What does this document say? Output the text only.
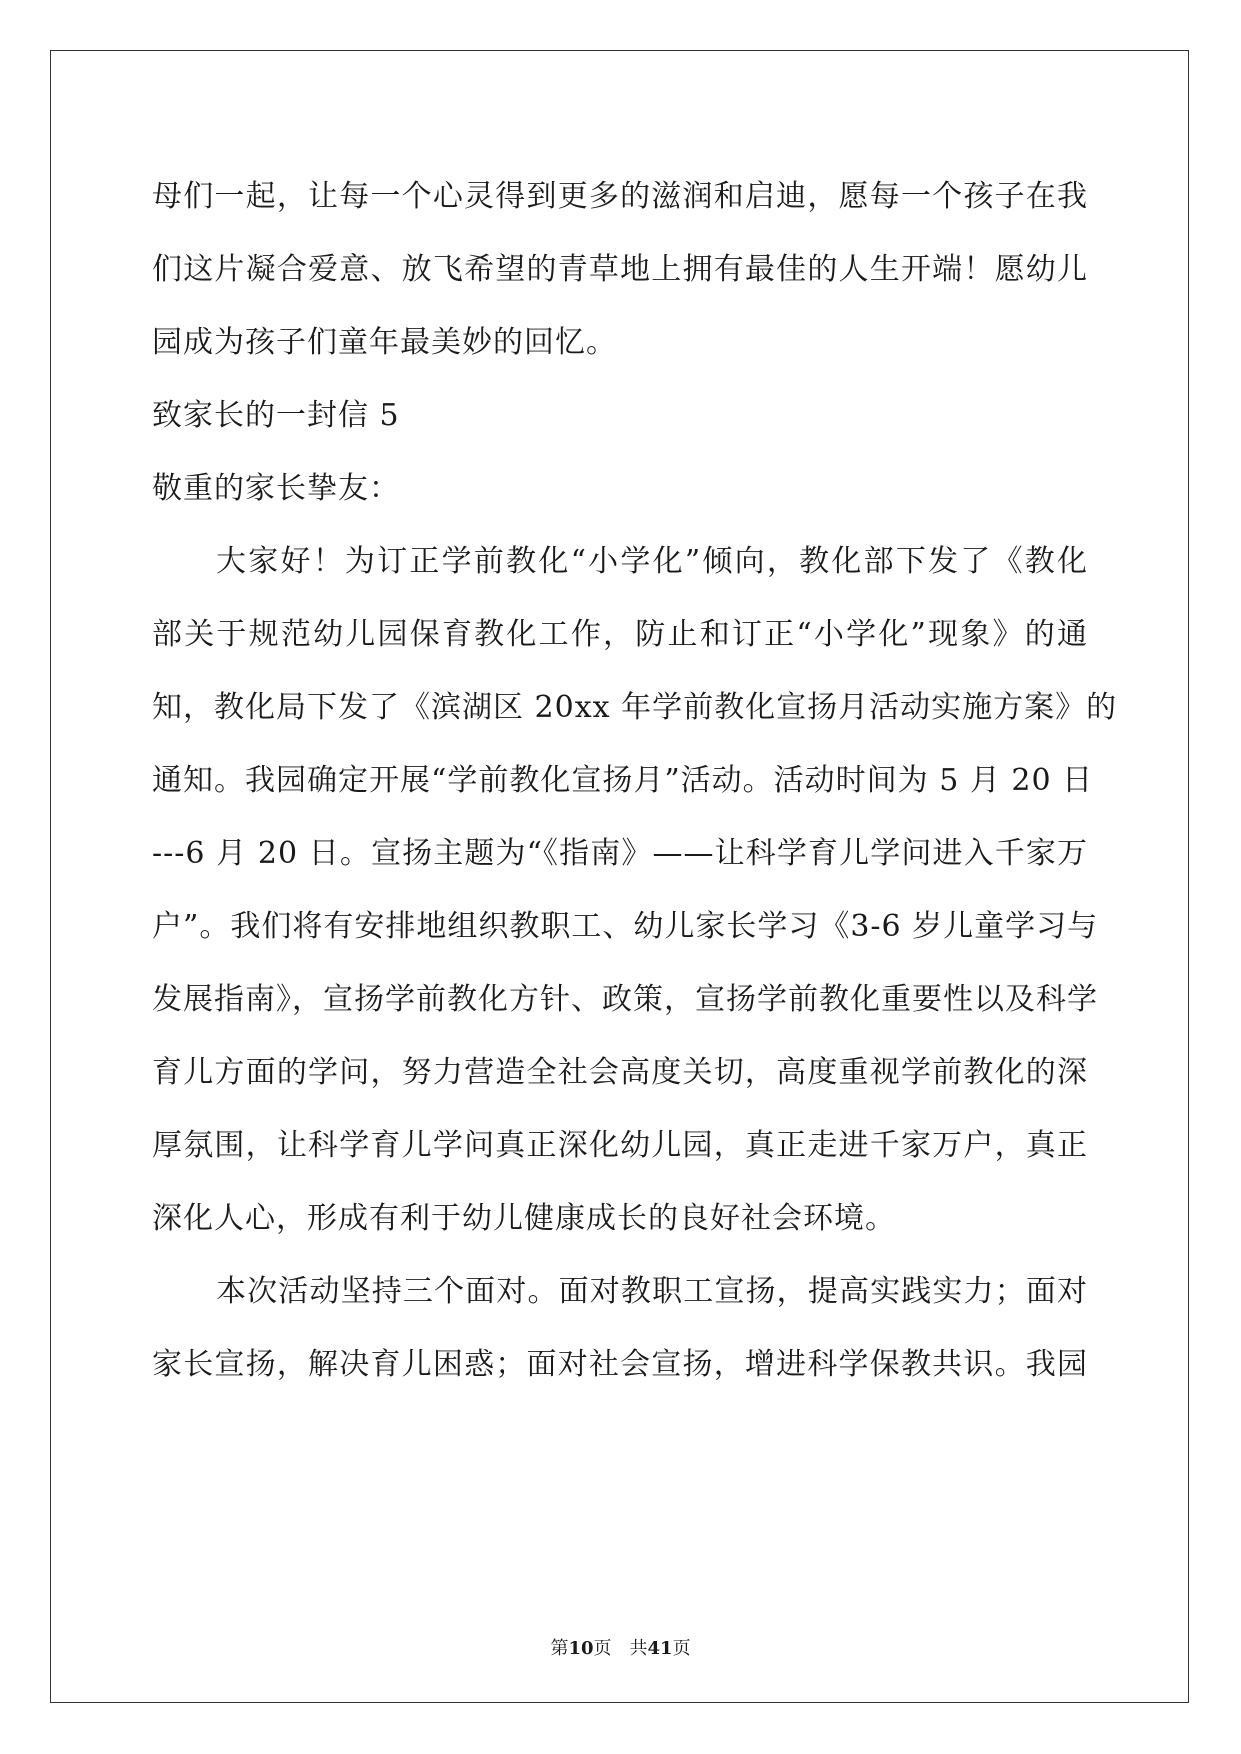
母们一起，让每一个心灵得到更多的滋润和启迪，愿每一个孩子在我
们这片凝合爱意、放飞希望的青草地上拥有最佳的人生开端！愿幼儿
园成为孩子们童年最美妙的回忆。
致家长的一封信 5
敬重的家长挚友：
大家好！为订正学前教化“小学化”倾向，教化部下发了《教化
部关于规范幼儿园保育教化工作，防止和订正“小学化”现象》的通
知，教化局下发了《滨湖区 20xx 年学前教化宣扬月活动实施方案》的
通知。我园确定开展“学前教化宣扬月”活动。活动时间为 5 月 20 日
---6 月 20 日。宣扬主题为“《指南》——让科学育儿学问进入千家万
户”。我们将有安排地组织教职工、幼儿家长学习《3-6 岁儿童学习与
发展指南》，宣扬学前教化方针、政策，宣扬学前教化重要性以及科学
育儿方面的学问，努力营造全社会高度关切，高度重视学前教化的深
厚氛围，让科学育儿学问真正深化幼儿园，真正走进千家万户，真正
深化人心，形成有利于幼儿健康成长的良好社会环境。
本次活动坚持三个面对。面对教职工宣扬，提高实践实力；面对
家长宣扬，解决育儿困惑；面对社会宣扬，增进科学保教共识。我园
第10页 共41页
